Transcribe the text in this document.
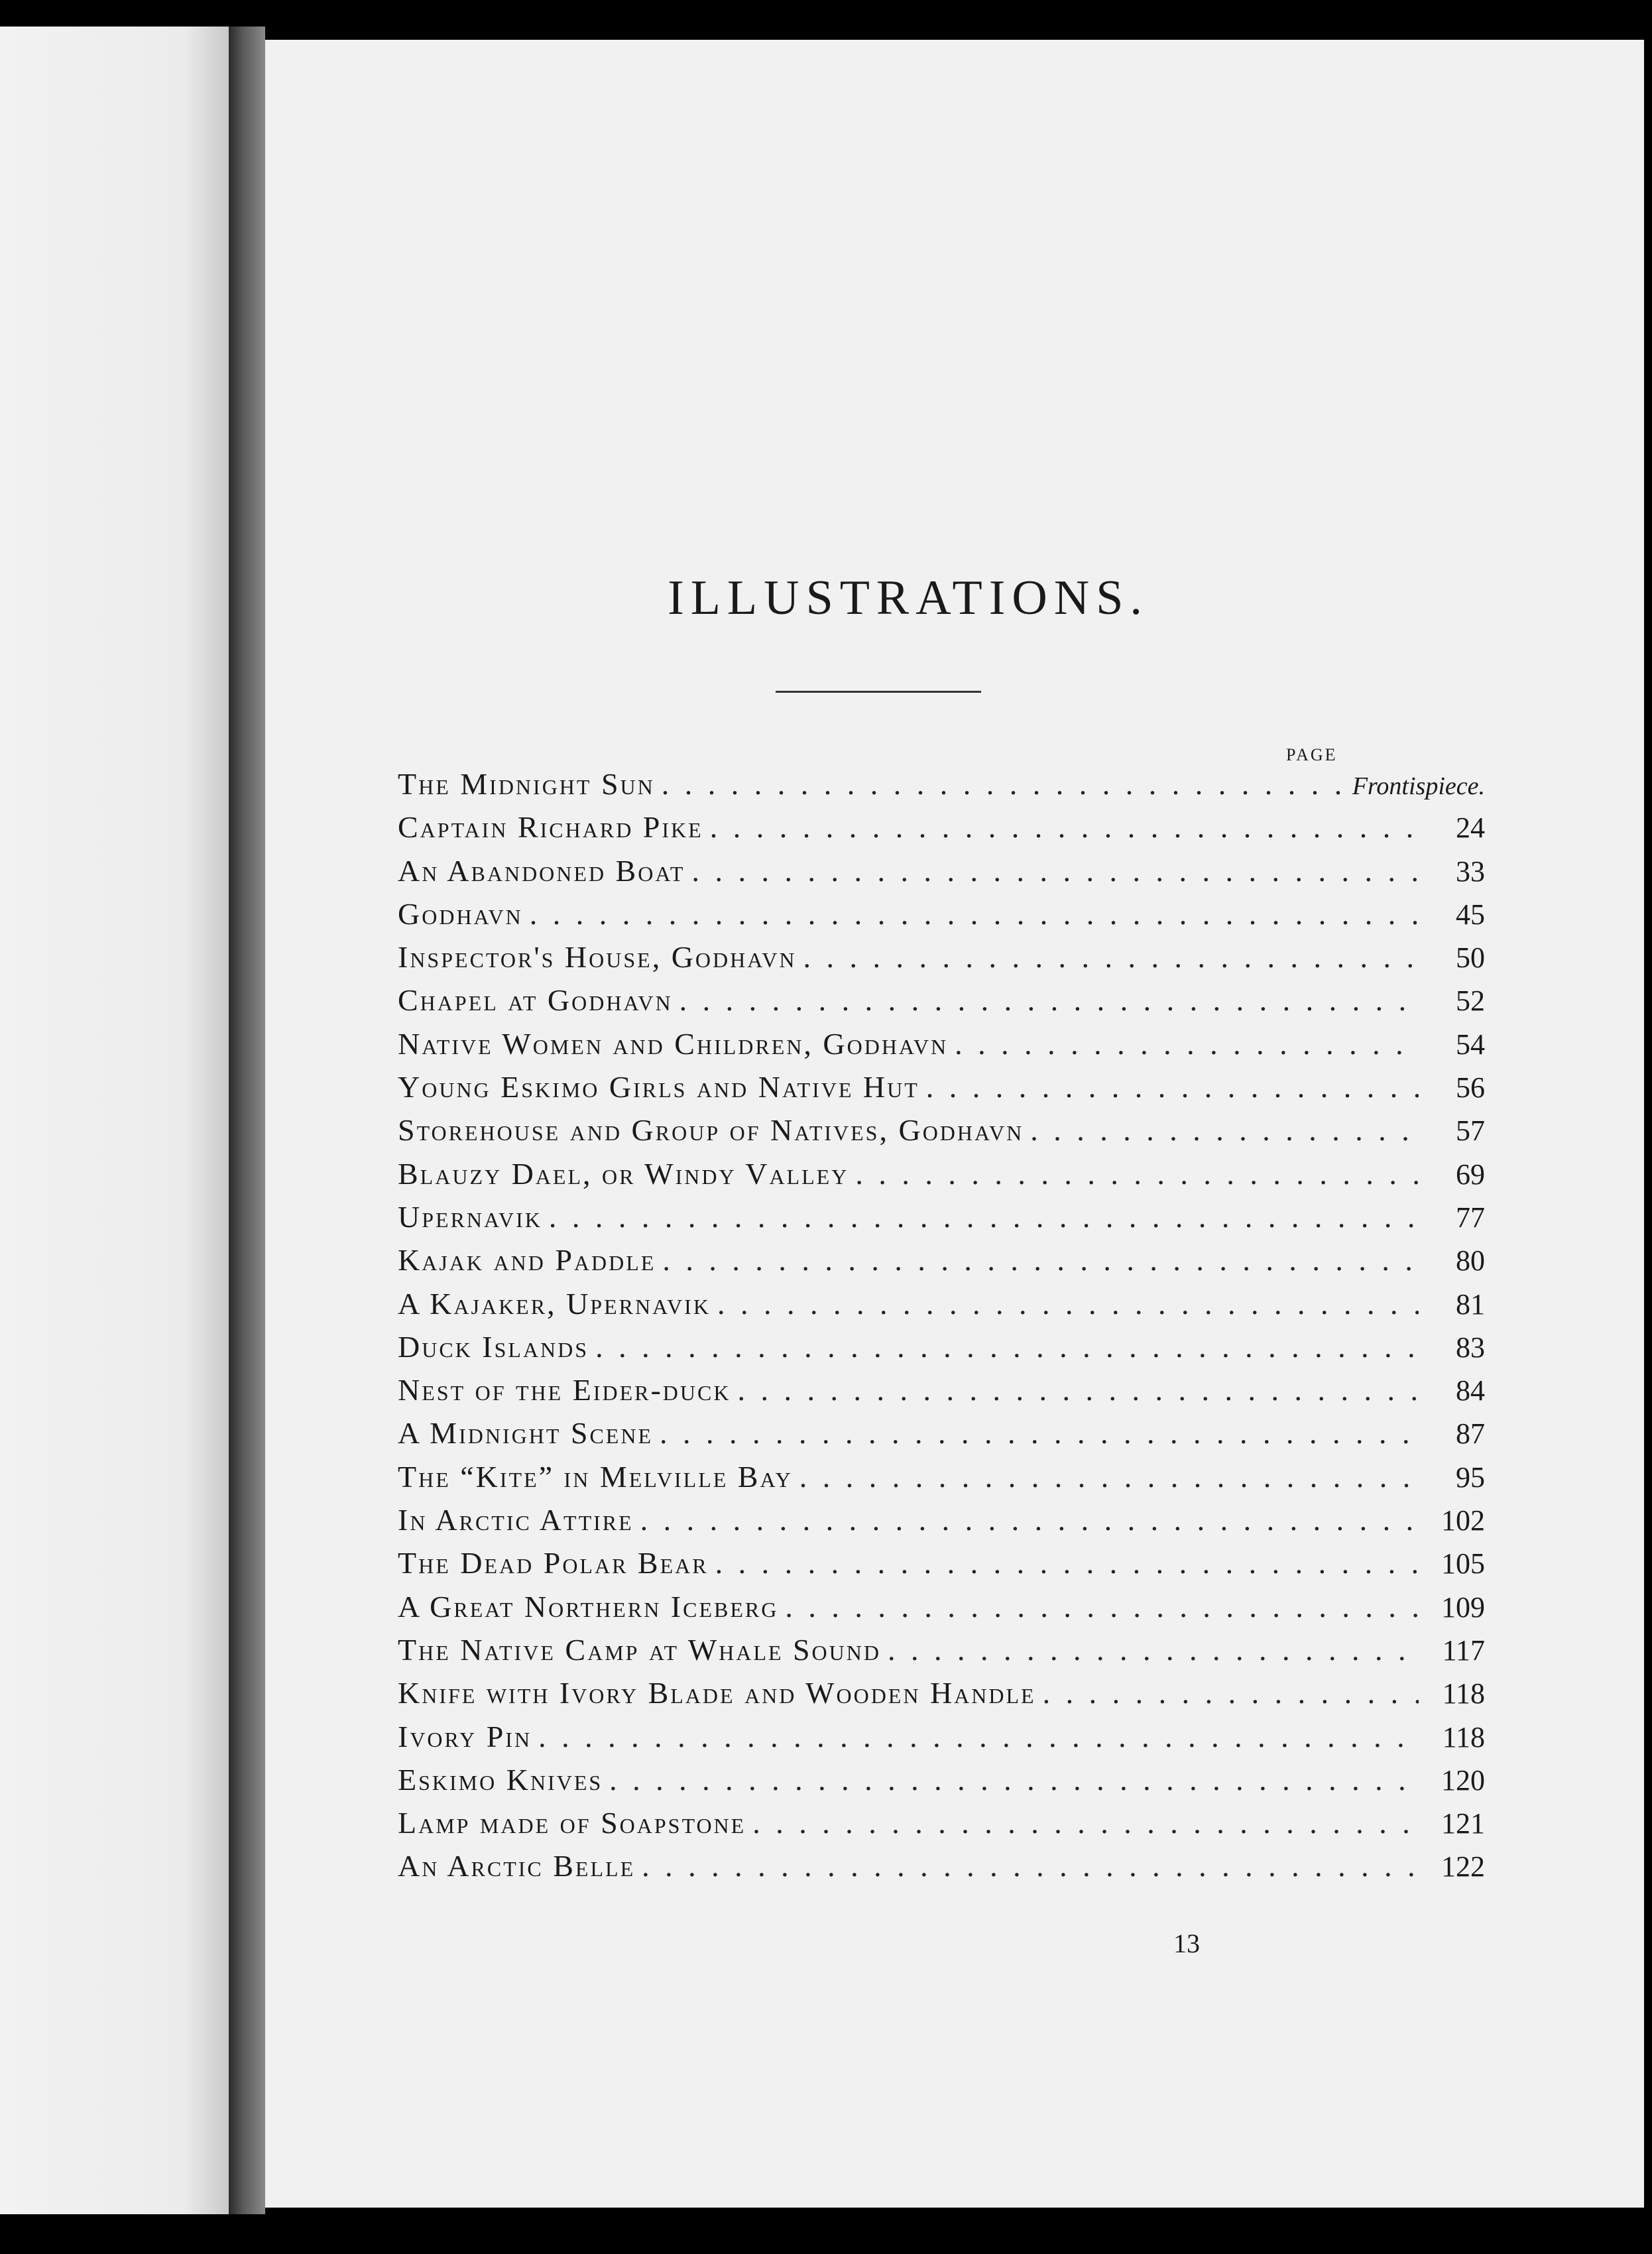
ILLUSTRATIONS.
PAGE
The Midnight Sun . . .	Frontispiece.
Captain Richard Pike . . .	24
An Abandoned Boat . . .	33
Godhavn . . .	45
Inspector's House, Godhavn . . .	50
Chapel at Godhavn . . .	52
Native Women and Children, Godhavn . . .	54
Young Eskimo Girls and Native Hut . . .	56
Storehouse and Group of Natives, Godhavn . . .	57
Blauzy Dael, or Windy Valley . . .	69
Upernavik . . .	77
Kajak and Paddle . . .	80
A Kajaker, Upernavik . . .	81
Duck Islands . . .	83
Nest of the Eider-duck . . .	84
A Midnight Scene . . .	87
The “Kite” in Melville Bay . . .	95
In Arctic Attire . . .	102
The Dead Polar Bear . . .	105
A Great Northern Iceberg . . .	109
The Native Camp at Whale Sound . . .	117
Knife with Ivory Blade and Wooden Handle . . .	118
Ivory Pin . . .	118
Eskimo Knives . . .	120
Lamp made of Soapstone . . .	121
An Arctic Belle . . .	122
13
